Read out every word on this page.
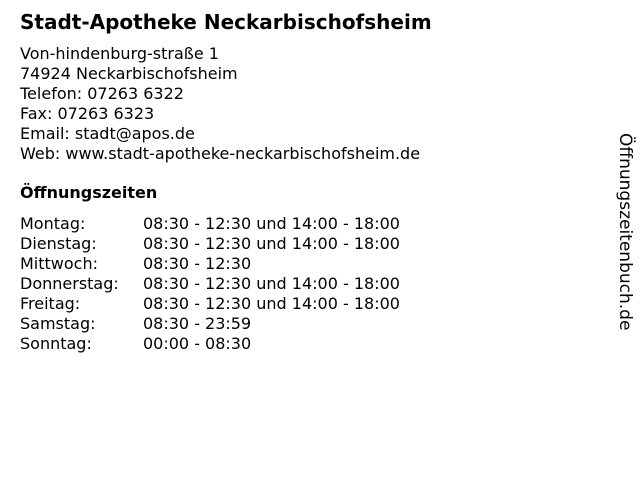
Stadt-Apotheke Neckarbischofsheim
Von-hindenburg-straße 1
74924 Neckarbischofsheim
Telefon: 07263 6322
Fax: 07263 6323
Email: stadt@apos.de
Web: www.stadt-apotheke-neckarbischofsheim.de
Öffnungszeiten
Montag:	08:30 - 12:30 und 14:00 - 18:00
Dienstag:	08:30 - 12:30 und 14:00 - 18:00
Mittwoch:	08:30 - 12:30
Donnerstag:	08:30 - 12:30 und 14:00 - 18:00
Freitag:	08:30 - 12:30 und 14:00 - 18:00
Samstag:	08:30 - 23:59
Sonntag:	00:00 - 08:30
Öffnungszeitenbuch.de
